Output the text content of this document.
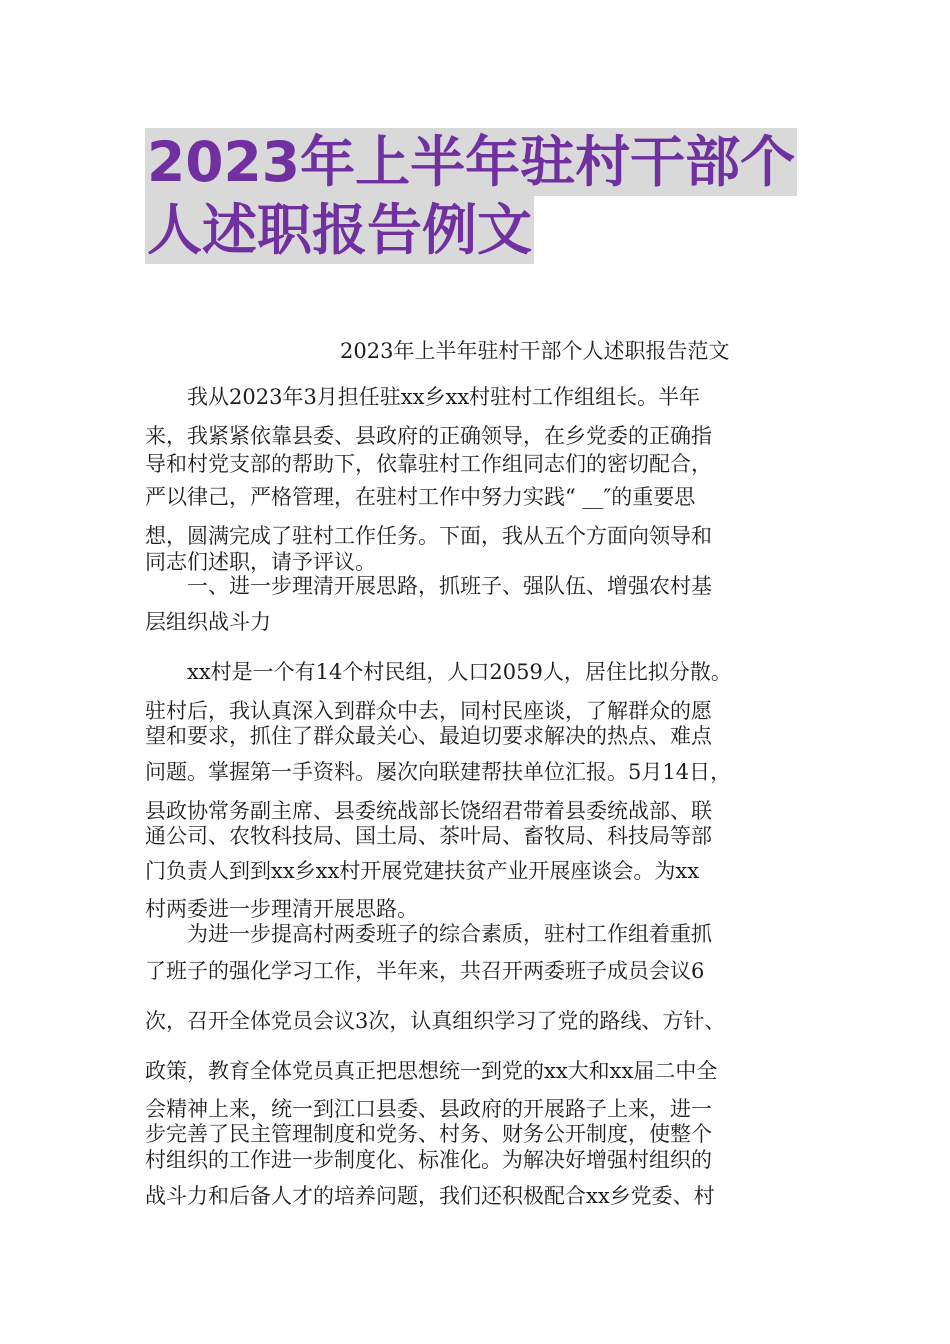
2023年上半年驻村干部个
人述职报告例文
2023年上半年驻村干部个人述职报告范文
　　我从2023年3月担任驻xx乡xx村驻村工作组组长。半年
来，我紧紧依靠县委、县政府的正确领导，在乡党委的正确指
导和村党支部的帮助下，依靠驻村工作组同志们的密切配合，
严以律己，严格管理，在驻村工作中努力实践“ __″的重要思
想，圆满完成了驻村工作任务。下面，我从五个方面向领导和
同志们述职，请予评议。
　　一、进一步理清开展思路，抓班子、强队伍、增强农村基
层组织战斗力
　　xx村是一个有14个村民组，人口2059人，居住比拟分散。
驻村后，我认真深入到群众中去，同村民座谈，了解群众的愿
望和要求，抓住了群众最关心、最迫切要求解决的热点、难点
问题。掌握第一手资料。屡次向联建帮扶单位汇报。5月14日，
县政协常务副主席、县委统战部长饶绍君带着县委统战部、联
通公司、农牧科技局、国土局、茶叶局、畜牧局、科技局等部
门负责人到到xx乡xx村开展党建扶贫产业开展座谈会。为xx
村两委进一步理清开展思路。
　　为进一步提高村两委班子的综合素质，驻村工作组着重抓
了班子的强化学习工作，半年来，共召开两委班子成员会议6
次，召开全体党员会议3次，认真组织学习了党的路线、方针、
政策，教育全体党员真正把思想统一到党的xx大和xx届二中全
会精神上来，统一到江口县委、县政府的开展路子上来，进一
步完善了民主管理制度和党务、村务、财务公开制度，使整个
村组织的工作进一步制度化、标准化。为解决好增强村组织的
战斗力和后备人才的培养问题，我们还积极配合xx乡党委、村
